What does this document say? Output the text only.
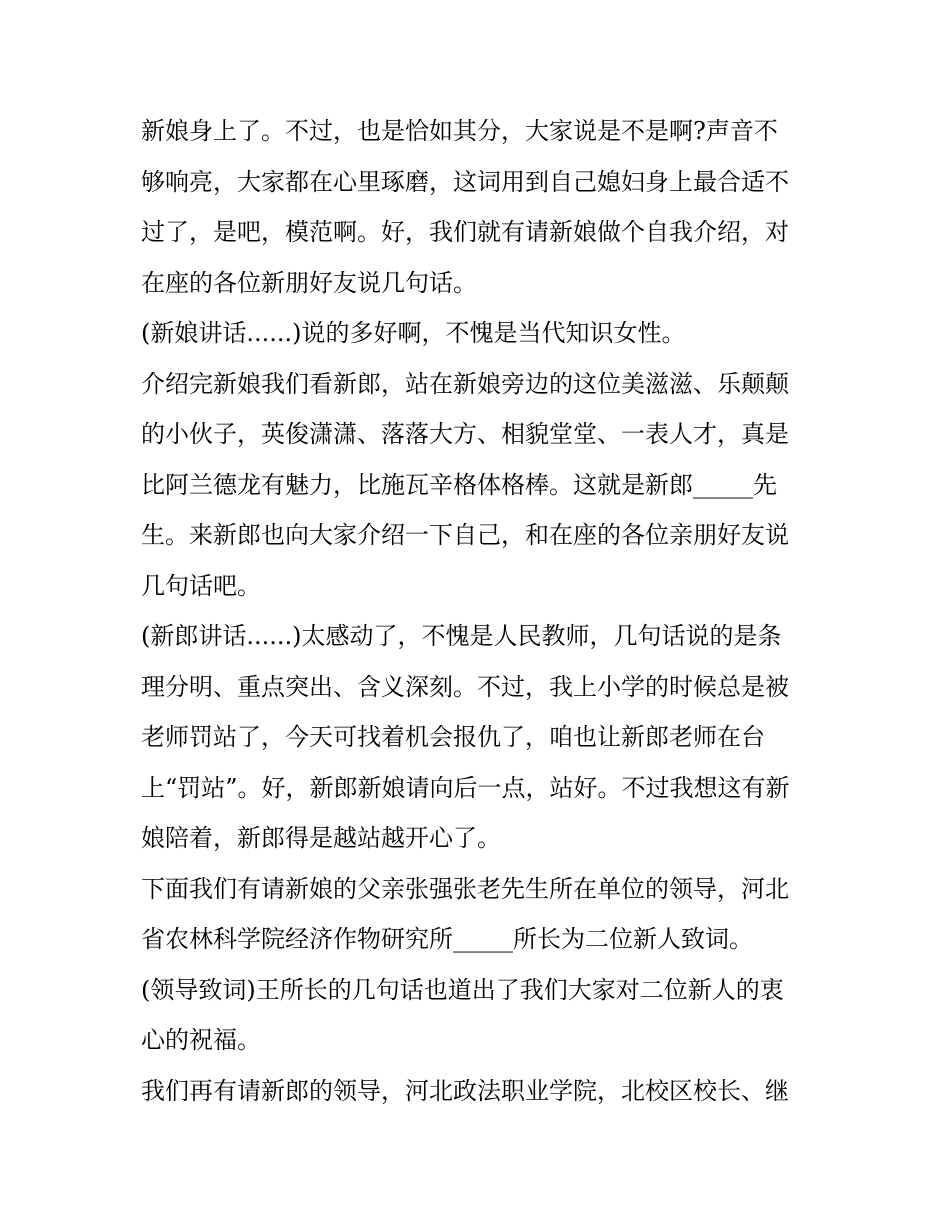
新娘身上了。不过，也是恰如其分，大家说是不是啊?声音不
够响亮，大家都在心里琢磨，这词用到自己媳妇身上最合适不
过了，是吧，模范啊。好，我们就有请新娘做个自我介绍，对
在座的各位新朋好友说几句话。

(新娘讲话......)说的多好啊，不愧是当代知识女性。

介绍完新娘我们看新郎，站在新娘旁边的这位美滋滋、乐颠颠
的小伙子，英俊潇潇、落落大方、相貌堂堂、一表人才，真是
比阿兰德龙有魅力，比施瓦辛格体格棒。这就是新郎_____先
生。来新郎也向大家介绍一下自己，和在座的各位亲朋好友说
几句话吧。

(新郎讲话......)太感动了，不愧是人民教师，几句话说的是条
理分明、重点突出、含义深刻。不过，我上小学的时候总是被
老师罚站了，今天可找着机会报仇了，咱也让新郎老师在台
上“罚站”。好，新郎新娘请向后一点，站好。不过我想这有新
娘陪着，新郎得是越站越开心了。

下面我们有请新娘的父亲张强张老先生所在单位的领导，河北
省农林科学院经济作物研究所_____所长为二位新人致词。

(领导致词)王所长的几句话也道出了我们大家对二位新人的衷
心的祝福。

我们再有请新郎的领导，河北政法职业学院，北校区校长、继
